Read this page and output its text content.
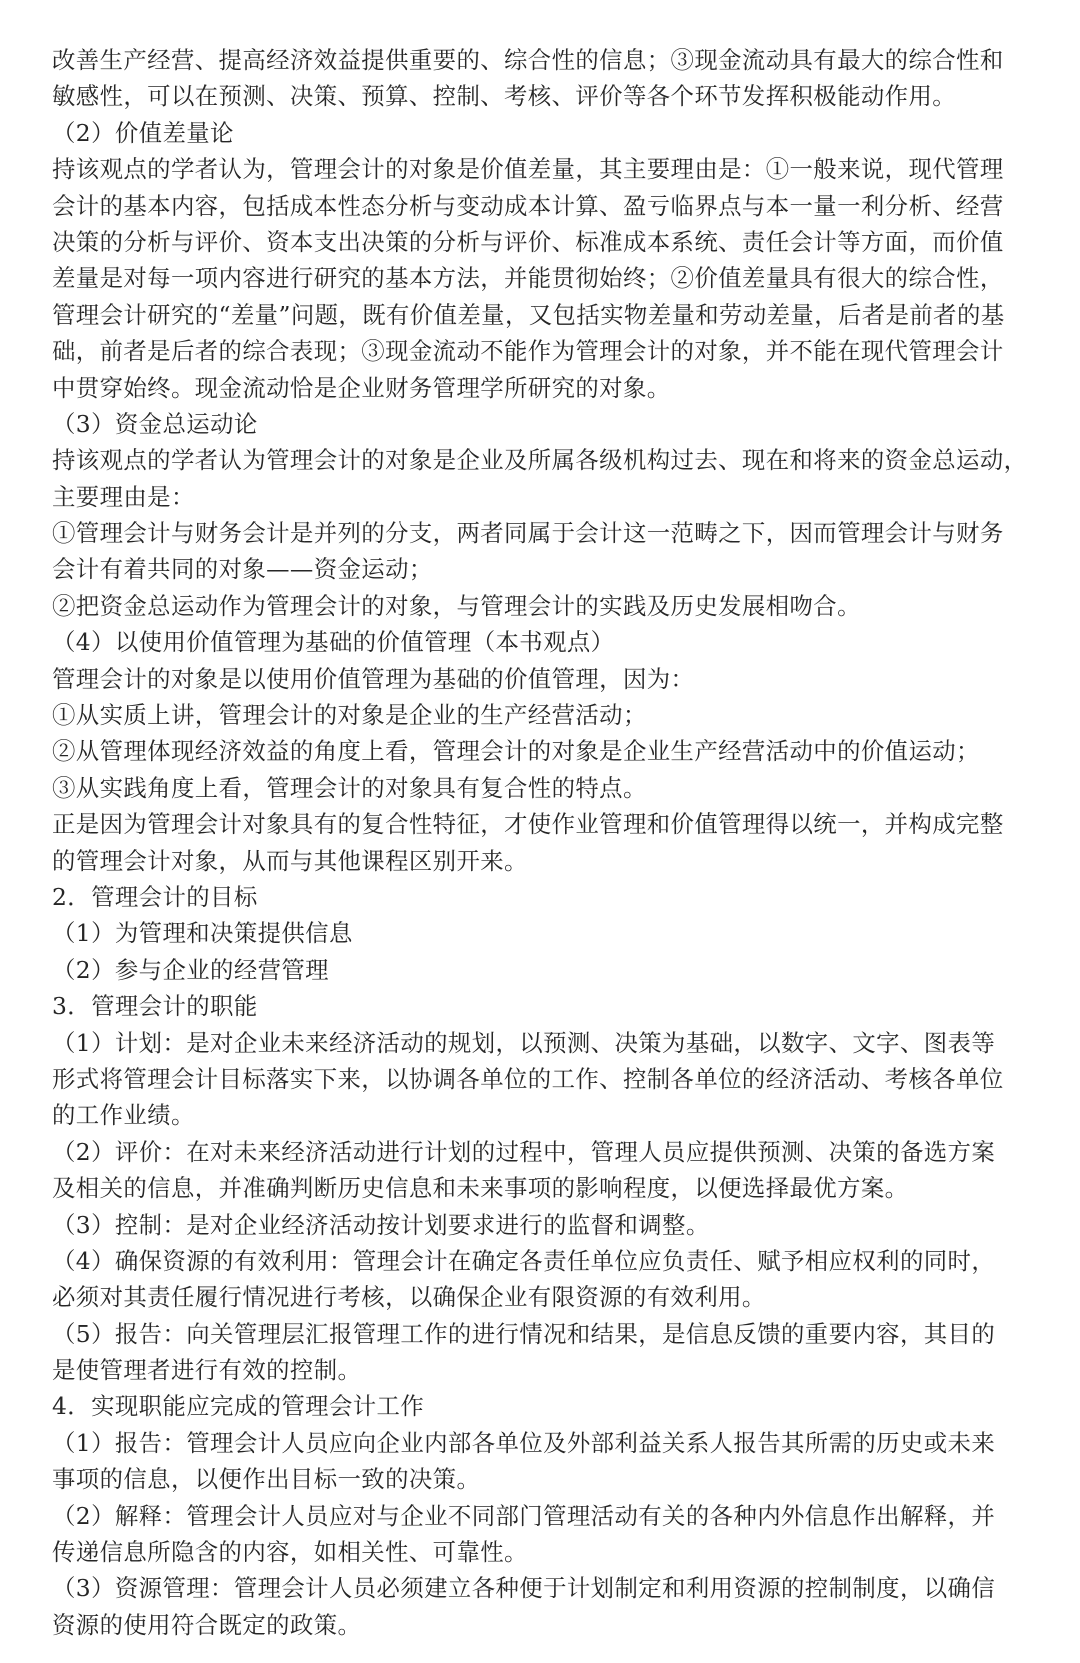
改善生产经营、提高经济效益提供重要的、综合性的信息；③现金流动具有最大的综合性和
敏感性，可以在预测、决策、预算、控制、考核、评价等各个环节发挥积极能动作用。
（2）价值差量论
持该观点的学者认为，管理会计的对象是价值差量，其主要理由是：①一般来说，现代管理
会计的基本内容，包括成本性态分析与变动成本计算、盈亏临界点与本一量一利分析、经营
决策的分析与评价、资本支出决策的分析与评价、标准成本系统、责任会计等方面，而价值
差量是对每一项内容进行研究的基本方法，并能贯彻始终；②价值差量具有很大的综合性，
管理会计研究的“差量”问题，既有价值差量，又包括实物差量和劳动差量，后者是前者的基
础，前者是后者的综合表现；③现金流动不能作为管理会计的对象，并不能在现代管理会计
中贯穿始终。现金流动恰是企业财务管理学所研究的对象。
（3）资金总运动论
持该观点的学者认为管理会计的对象是企业及所属各级机构过去、现在和将来的资金总运动，
主要理由是：
①管理会计与财务会计是并列的分支，两者同属于会计这一范畴之下，因而管理会计与财务
会计有着共同的对象——资金运动；
②把资金总运动作为管理会计的对象，与管理会计的实践及历史发展相吻合。
（4）以使用价值管理为基础的价值管理（本书观点）
管理会计的对象是以使用价值管理为基础的价值管理，因为：
①从实质上讲，管理会计的对象是企业的生产经营活动；
②从管理体现经济效益的角度上看，管理会计的对象是企业生产经营活动中的价值运动；
③从实践角度上看，管理会计的对象具有复合性的特点。
正是因为管理会计对象具有的复合性特征，才使作业管理和价值管理得以统一，并构成完整
的管理会计对象，从而与其他课程区别开来。
2．管理会计的目标
（1）为管理和决策提供信息
（2）参与企业的经营管理
3．管理会计的职能
（1）计划：是对企业未来经济活动的规划，以预测、决策为基础，以数字、文字、图表等
形式将管理会计目标落实下来，以协调各单位的工作、控制各单位的经济活动、考核各单位
的工作业绩。
（2）评价：在对未来经济活动进行计划的过程中，管理人员应提供预测、决策的备选方案
及相关的信息，并准确判断历史信息和未来事项的影响程度，以便选择最优方案。
（3）控制：是对企业经济活动按计划要求进行的监督和调整。
（4）确保资源的有效利用：管理会计在确定各责任单位应负责任、赋予相应权利的同时，
必须对其责任履行情况进行考核，以确保企业有限资源的有效利用。
（5）报告：向关管理层汇报管理工作的进行情况和结果，是信息反馈的重要内容，其目的
是使管理者进行有效的控制。
4．实现职能应完成的管理会计工作
（1）报告：管理会计人员应向企业内部各单位及外部利益关系人报告其所需的历史或未来
事项的信息，以便作出目标一致的决策。
（2）解释：管理会计人员应对与企业不同部门管理活动有关的各种内外信息作出解释，并
传递信息所隐含的内容，如相关性、可靠性。
（3）资源管理：管理会计人员必须建立各种便于计划制定和利用资源的控制制度，以确信
资源的使用符合既定的政策。
